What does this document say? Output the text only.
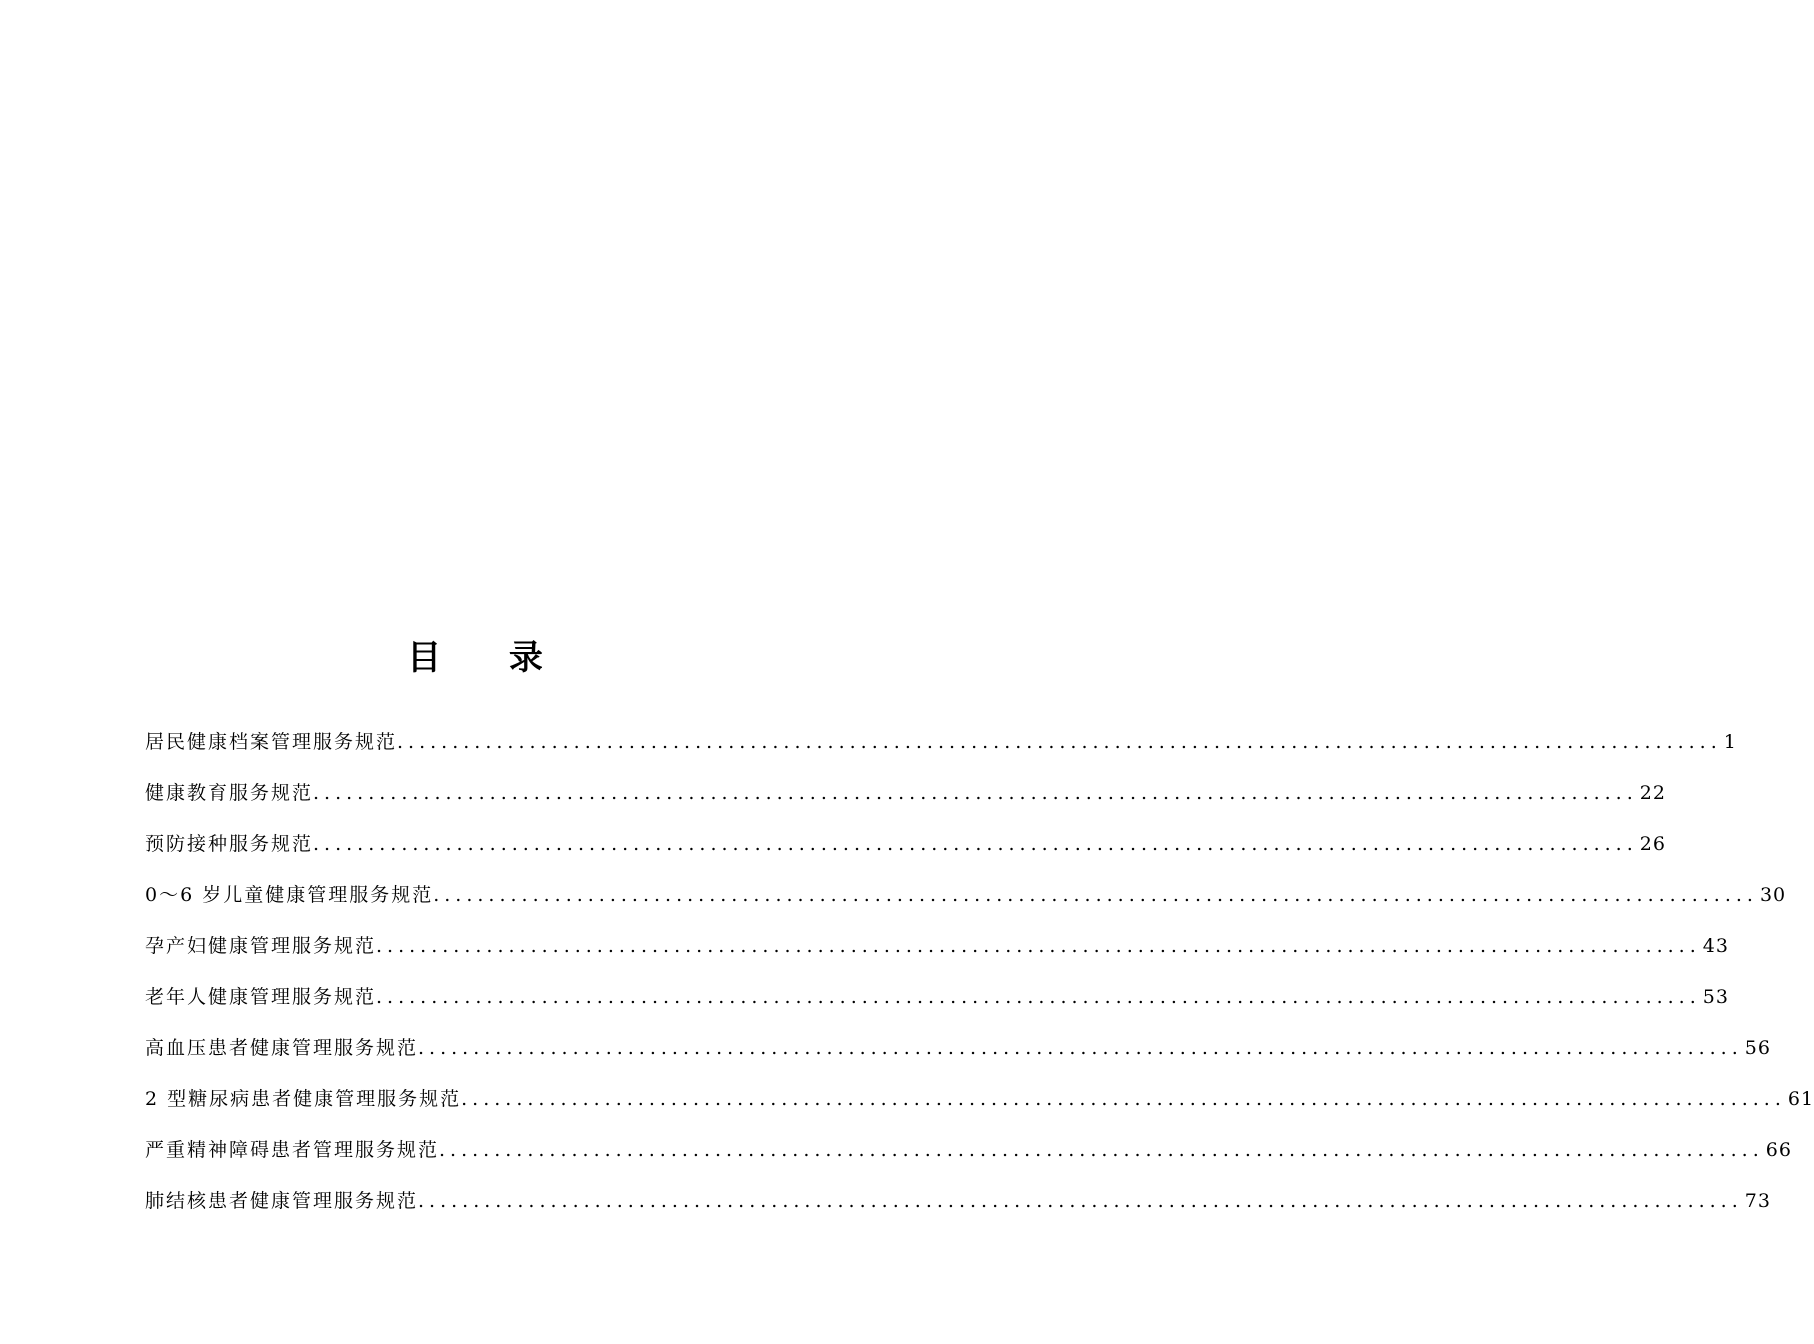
目 录
居民健康档案管理服务规范 ........................................................................................................................ 1
健康教育服务规范 ........................................................................................................................ 22
预防接种服务规范 ........................................................................................................................ 26
0～6 岁儿童健康管理服务规范 ........................................................................................................................ 30
孕产妇健康管理服务规范 ........................................................................................................................ 43
老年人健康管理服务规范 ........................................................................................................................ 53
高血压患者健康管理服务规范 ........................................................................................................................ 56
2 型糖尿病患者健康管理服务规范 ........................................................................................................................ 61
严重精神障碍患者管理服务规范 ........................................................................................................................ 66
肺结核患者健康管理服务规范 ........................................................................................................................ 73
